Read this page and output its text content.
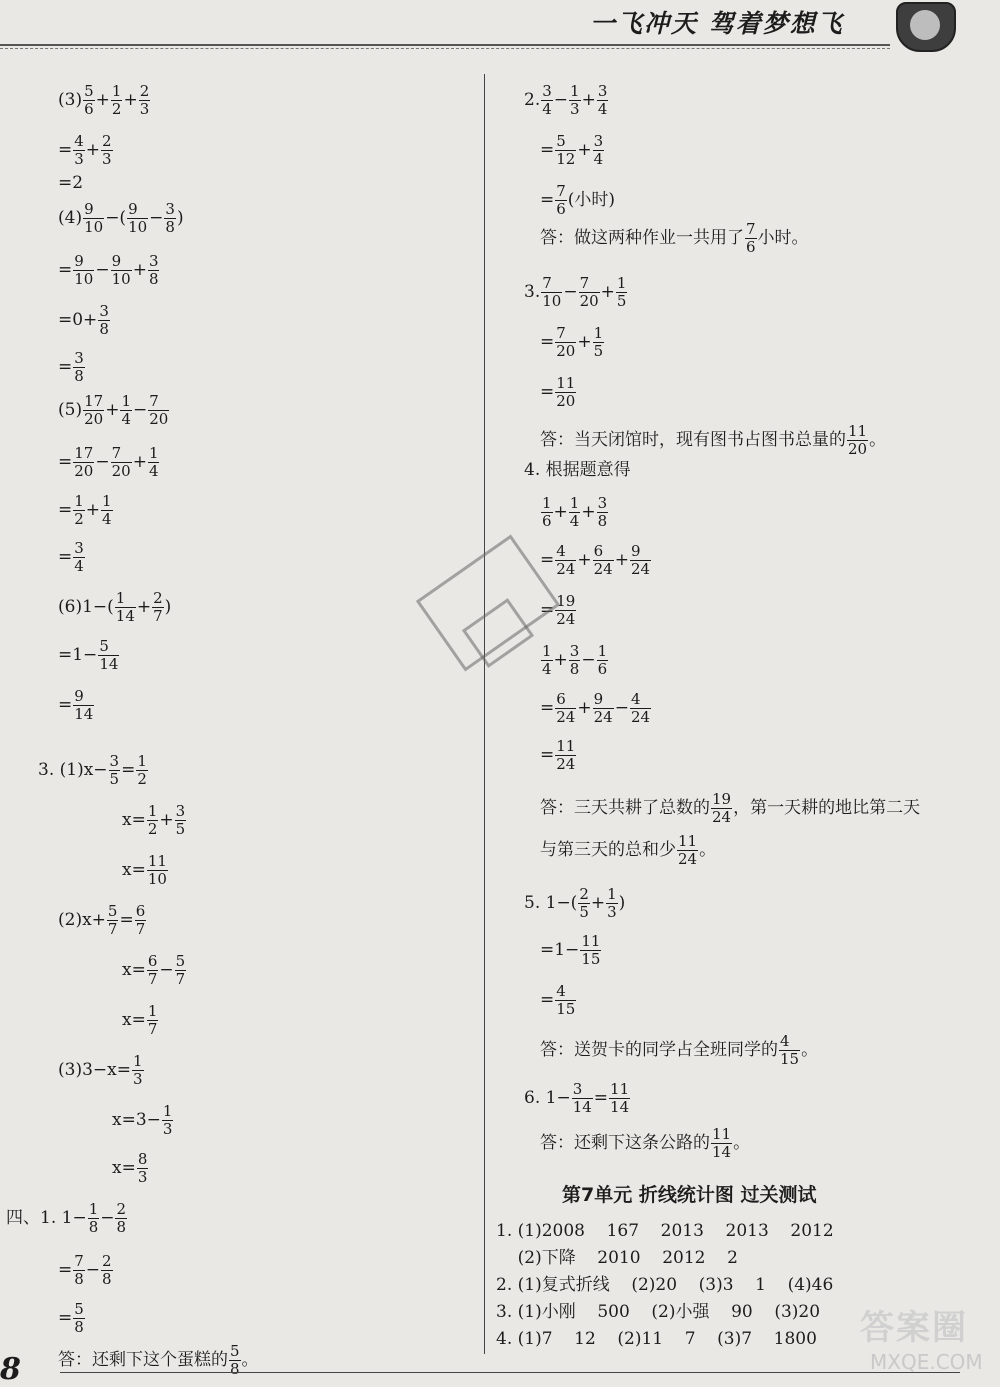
一飞冲天 驾着梦想飞
$(3) \frac{5}{6} + \frac{1}{2} + \frac{2}{3}$
= $\frac{4}{3} + \frac{2}{3}$
=2
$(4) \frac{9}{10}$ −( $\frac{9}{10} - \frac{3}{8}$ )
= $\frac{9}{10} - \frac{9}{10} + \frac{3}{8}$
$=0+ \frac{3}{8}$
= $\frac{3}{8}$
$(5) \frac{17}{20} + \frac{1}{4} - \frac{7}{20}$
= $\frac{17}{20} - \frac{7}{20} + \frac{1}{4}$
= $\frac{1}{2} + \frac{1}{4}$
= $\frac{3}{4}$
$(6)1-( \frac{1}{14} + \frac{2}{7}$ )
$=1- \frac{5}{14}$
= $\frac{9}{14}$
3. $(1)x- \frac{3}{5} = \frac{1}{2}$
$x= \frac{1}{2} + \frac{3}{5}$
$x= \frac{11}{10}$
$(2)x+ \frac{5}{7} = \frac{6}{7}$
$x= \frac{6}{7} - \frac{5}{7}$
$x= \frac{1}{7}$
$(3)3-x= \frac{1}{3}$
$x=3- \frac{1}{3}$
$x= \frac{8}{3}$
四、1. $1- \frac{1}{8} - \frac{2}{8}$
= $\frac{7}{8} - \frac{2}{8}$
= $\frac{5}{8}$
答：还剩下这个蛋糕的 $\frac{5}{8}$ 。
2. $\frac{3}{4} - \frac{1}{3} + \frac{3}{4}$
= $\frac{5}{12} + \frac{3}{4}$
= $\frac{7}{6}$ (小时)
答：做这两种作业一共用了 $\frac{7}{6}$ 小时。
3. $\frac{7}{10} - \frac{7}{20} + \frac{1}{5}$
= $\frac{7}{20} + \frac{1}{5}$
= $\frac{11}{20}$
答：当天闭馆时，现有图书占图书总量的 $\frac{11}{20}$ 。
4. 根据题意得
$\frac{1}{6} + \frac{1}{4} + \frac{3}{8}$
= $\frac{4}{24} + \frac{6}{24} + \frac{9}{24}$
= $\frac{19}{24}$
$\frac{1}{4} + \frac{3}{8} - \frac{1}{6}$
= $\frac{6}{24} + \frac{9}{24} - \frac{4}{24}$
= $\frac{11}{24}$
答：三天共耕了总数的 $\frac{19}{24}$ ，第一天耕的地比第二天
与第三天的总和少 $\frac{11}{24}$ 。
5. $1-( \frac{2}{5} + \frac{1}{3}$ )
$=1- \frac{11}{15}$
= $\frac{4}{15}$
答：送贺卡的同学占全班同学的 $\frac{4}{15}$ 。
6. $1- \frac{3}{14} = \frac{11}{14}$
答：还剩下这条公路的 $\frac{11}{14}$ 。
第7单元 折线统计图 过关测试
1. (1)2008    167    2013    2013    2012
(2)下降    2010    2012    2
2. (1)复式折线    (2)20    (3)3    1    (4)46
3. (1)小刚    500    (2)小强    90    (3)20
4. (1)7    12    (2)11    7    (3)7    1800
8
答案圈
MXQE.COM
